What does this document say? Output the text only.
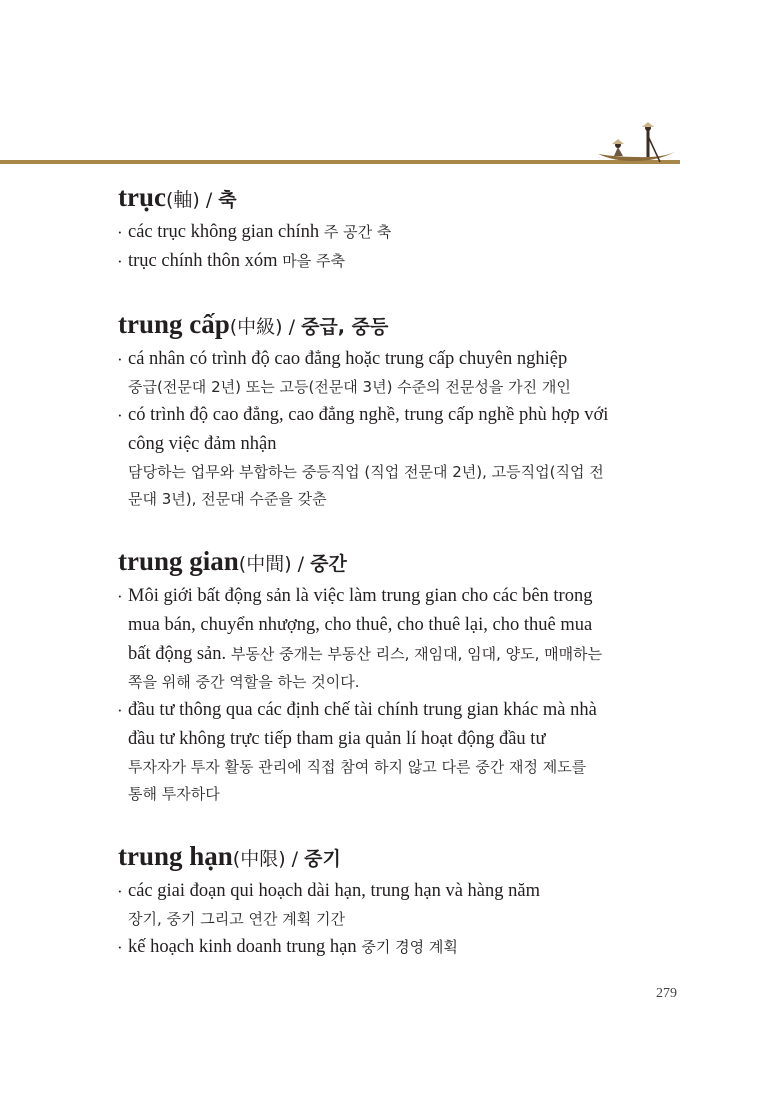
trục(軸) / 축
· các trục không gian chính 주 공간 축
· trục chính thôn xóm 마을 주축
trung cấp(中級) / 중급, 중등
· cá nhân có trình độ cao đẳng hoặc trung cấp chuyên nghiệp
중급(전문대 2년) 또는 고등(전문대 3년) 수준의 전문성을 가진 개인
· có trình độ cao đẳng, cao đẳng nghề, trung cấp nghề phù hợp với
công việc đảm nhận
담당하는 업무와 부합하는 중등직업 (직업 전문대 2년), 고등직업(직업 전
문대 3년), 전문대 수준을 갖춘
trung gian(中間) / 중간
· Môi giới bất động sản là việc làm trung gian cho các bên trong
mua bán, chuyển nhượng, cho thuê, cho thuê lại, cho thuê mua
bất động sản. 부동산 중개는 부동산 리스, 재임대, 임대, 양도, 매매하는
쪽을 위해 중간 역할을 하는 것이다.
· đầu tư thông qua các định chế tài chính trung gian khác mà nhà
đầu tư không trực tiếp tham gia quản lí hoạt động đầu tư
투자자가 투자 활동 관리에 직접 참여 하지 않고 다른 중간 재정 제도를
통해 투자하다
trung hạn(中限) / 중기
· các giai đoạn qui hoạch dài hạn, trung hạn và hàng năm
장기, 중기 그리고 연간 계획 기간
· kế hoạch kinh doanh trung hạn 중기 경영 계획
279
